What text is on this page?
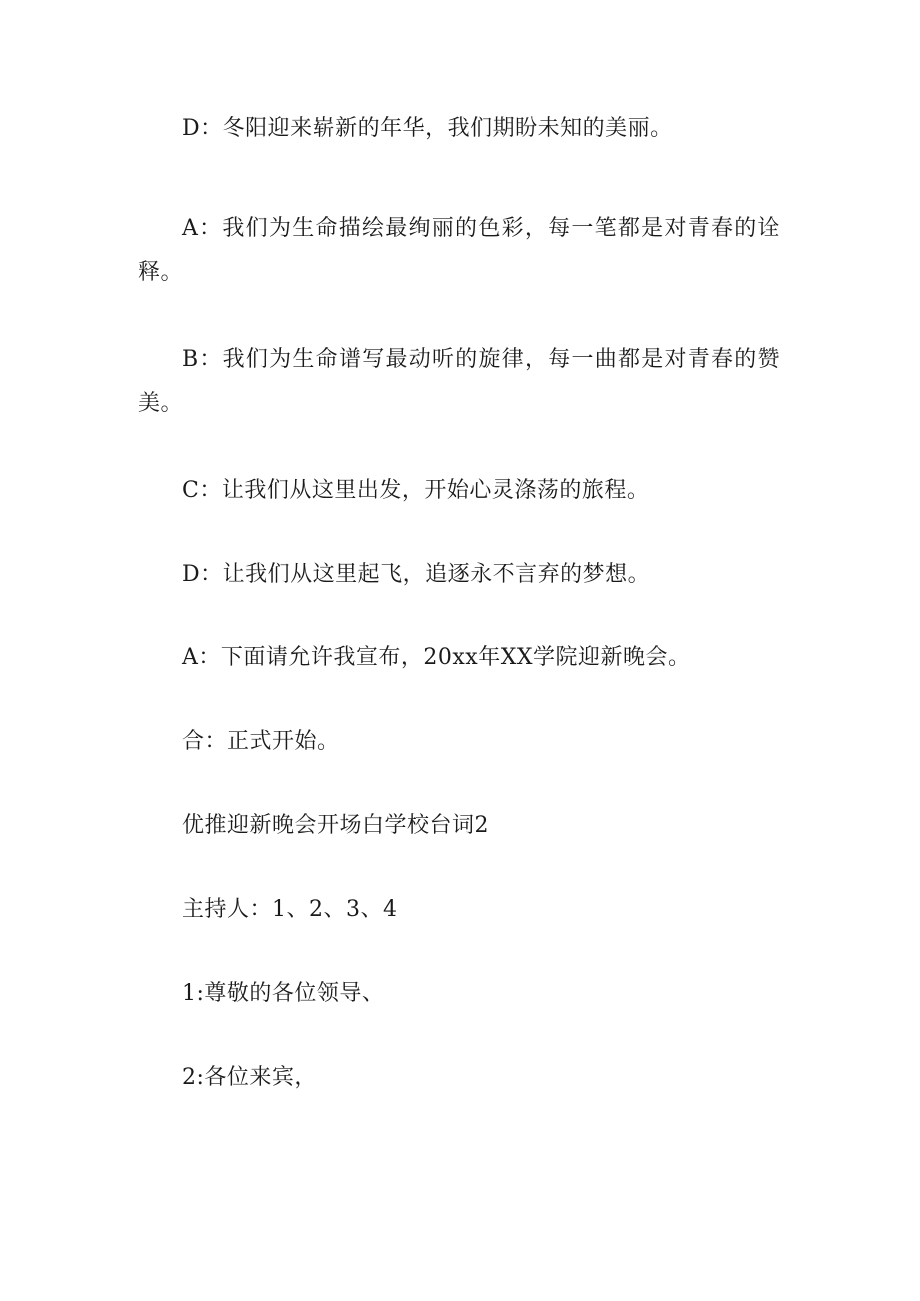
D：冬阳迎来崭新的年华，我们期盼未知的美丽。

A：我们为生命描绘最绚丽的色彩，每一笔都是对青春的诠释。

B：我们为生命谱写最动听的旋律，每一曲都是对青春的赞美。

C：让我们从这里出发，开始心灵涤荡的旅程。

D：让我们从这里起飞，追逐永不言弃的梦想。

A：下面请允许我宣布，20xx年XX学院迎新晚会。

合：正式开始。

优推迎新晚会开场白学校台词2

主持人：1、2、3、4

1:尊敬的各位领导、

2:各位来宾，
